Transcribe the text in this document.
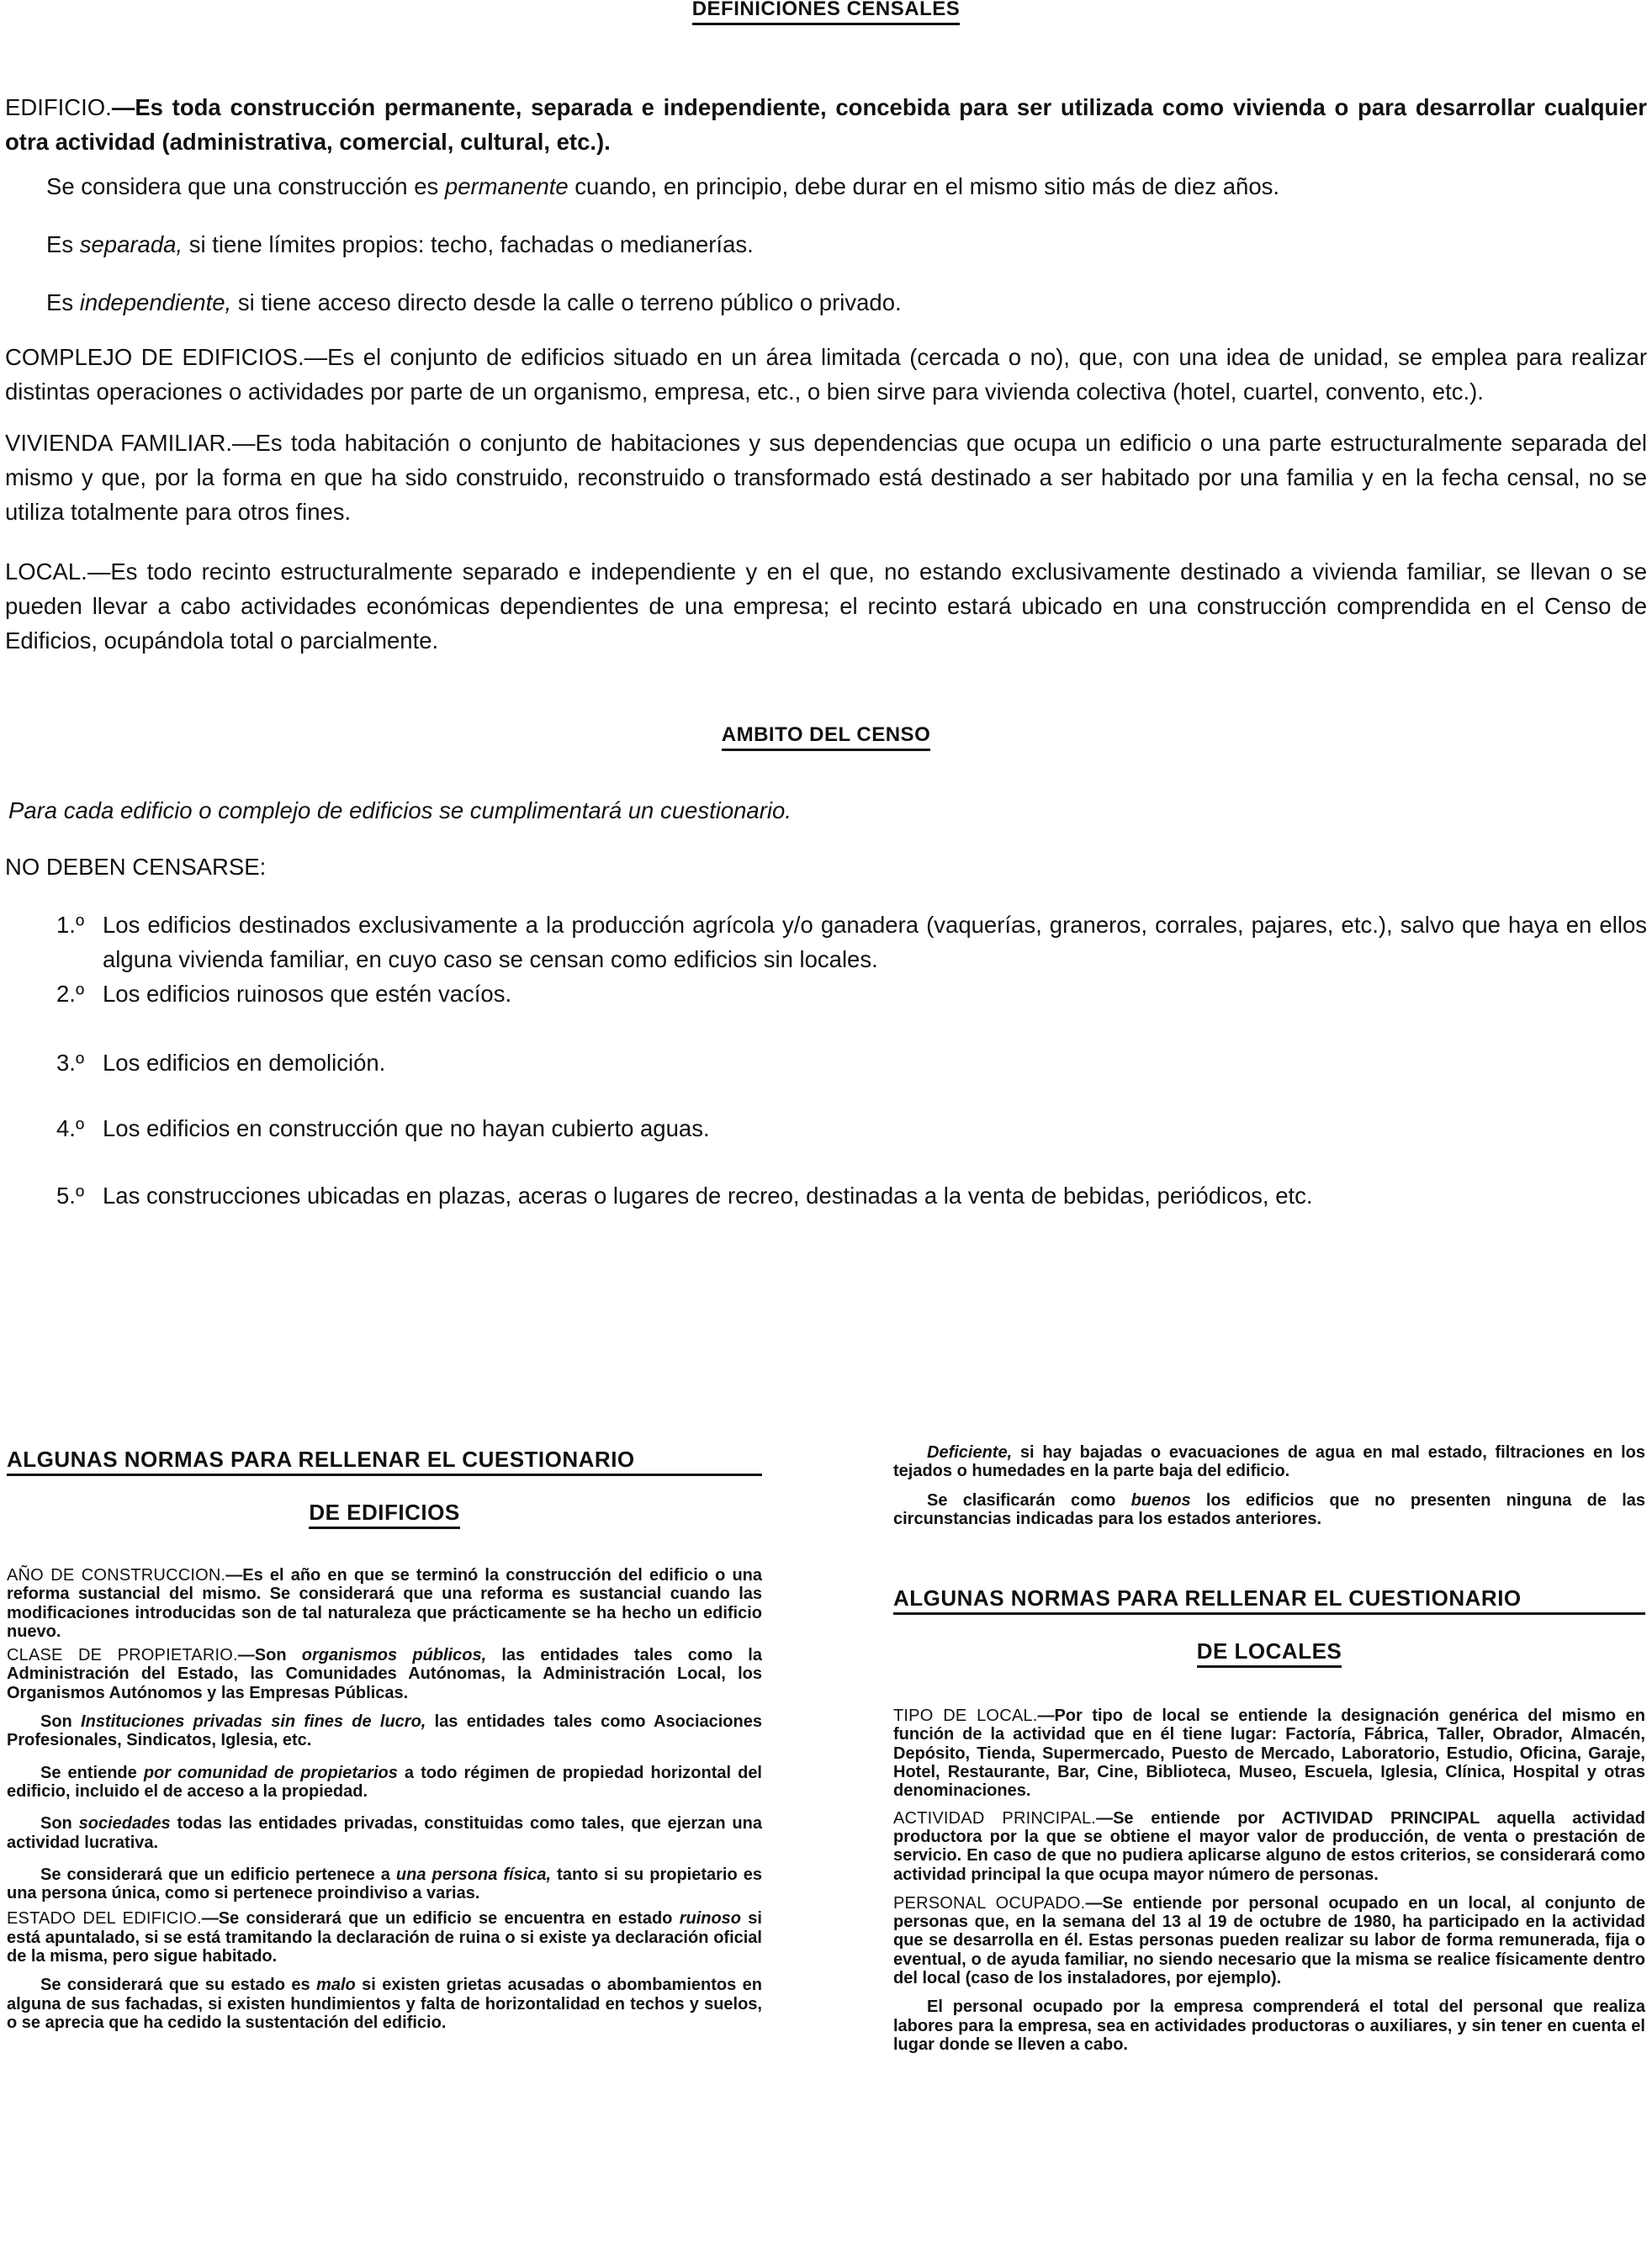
DEFINICIONES CENSALES

EDIFICIO.—Es toda construcción permanente, separada e independiente, concebida para ser utilizada como vivienda o para desarrollar cualquier otra actividad (administrativa, comercial, cultural, etc.).

Se considera que una construcción es permanente cuando, en principio, debe durar en el mismo sitio más de diez años.

Es separada, si tiene límites propios: techo, fachadas o medianerías.

Es independiente, si tiene acceso directo desde la calle o terreno público o privado.

COMPLEJO DE EDIFICIOS.—Es el conjunto de edificios situado en un área limitada (cercada o no), que, con una idea de unidad, se emplea para realizar distintas operaciones o actividades por parte de un organismo, empresa, etc., o bien sirve para vivienda colectiva (hotel, cuartel, convento, etc.).

VIVIENDA FAMILIAR.—Es toda habitación o conjunto de habitaciones y sus dependencias que ocupa un edificio o una parte estructuralmente separada del mismo y que, por la forma en que ha sido construido, reconstruido o transformado está destinado a ser habitado por una familia y en la fecha censal, no se utiliza totalmente para otros fines.

LOCAL.—Es todo recinto estructuralmente separado e independiente y en el que, no estando exclusivamente destinado a vivienda familiar, se llevan o se pueden llevar a cabo actividades económicas dependientes de una empresa; el recinto estará ubicado en una construcción comprendida en el Censo de Edificios, ocupándola total o parcialmente.

AMBITO DEL CENSO

Para cada edificio o complejo de edificios se cumplimentará un cuestionario.

NO DEBEN CENSARSE:

1.º Los edificios destinados exclusivamente a la producción agrícola y/o ganadera (vaquerías, graneros, corrales, pajares, etc.), salvo que haya en ellos alguna vivienda familiar, en cuyo caso se censan como edificios sin locales.
2.º Los edificios ruinosos que estén vacíos.
3.º Los edificios en demolición.
4.º Los edificios en construcción que no hayan cubierto aguas.
5.º Las construcciones ubicadas en plazas, aceras o lugares de recreo, destinadas a la venta de bebidas, periódicos, etc.
ALGUNAS NORMAS PARA RELLENAR EL CUESTIONARIO
DE EDIFICIOS

AÑO DE CONSTRUCCION.—Es el año en que se terminó la construcción del edificio o una reforma sustancial del mismo. Se considerará que una reforma es sustancial cuando las modificaciones introducidas son de tal naturaleza que prácticamente se ha hecho un edificio nuevo.

CLASE DE PROPIETARIO.—Son organismos públicos, las entidades tales como la Administración del Estado, las Comunidades Autónomas, la Administración Local, los Organismos Autónomos y las Empresas Públicas.

Son Instituciones privadas sin fines de lucro, las entidades tales como Asociaciones Profesionales, Sindicatos, Iglesia, etc.

Se entiende por comunidad de propietarios a todo régimen de propiedad horizontal del edificio, incluido el de acceso a la propiedad.

Son sociedades todas las entidades privadas, constituidas como tales, que ejerzan una actividad lucrativa.

Se considerará que un edificio pertenece a una persona física, tanto si su propietario es una persona única, como si pertenece proindiviso a varias.

ESTADO DEL EDIFICIO.—Se considerará que un edificio se encuentra en estado ruinoso si está apuntalado, si se está tramitando la declaración de ruina o si existe ya declaración oficial de la misma, pero sigue habitado.

Se considerará que su estado es malo si existen grietas acusadas o abombamientos en alguna de sus fachadas, si existen hundimientos y falta de horizontalidad en techos y suelos, o se aprecia que ha cedido la sustentación del edificio.

Deficiente, si hay bajadas o evacuaciones de agua en mal estado, filtraciones en los tejados o humedades en la parte baja del edificio.

Se clasificarán como buenos los edificios que no presenten ninguna de las circunstancias indicadas para los estados anteriores.

ALGUNAS NORMAS PARA RELLENAR EL CUESTIONARIO
DE LOCALES

TIPO DE LOCAL.—Por tipo de local se entiende la designación genérica del mismo en función de la actividad que en él tiene lugar: Factoría, Fábrica, Taller, Obrador, Almacén, Depósito, Tienda, Supermercado, Puesto de Mercado, Laboratorio, Estudio, Oficina, Garaje, Hotel, Restaurante, Bar, Cine, Biblioteca, Museo, Escuela, Iglesia, Clínica, Hospital y otras denominaciones.

ACTIVIDAD PRINCIPAL.—Se entiende por ACTIVIDAD PRINCIPAL aquella actividad productora por la que se obtiene el mayor valor de producción, de venta o prestación de servicio. En caso de que no pudiera aplicarse alguno de estos criterios, se considerará como actividad principal la que ocupa mayor número de personas.

PERSONAL OCUPADO.—Se entiende por personal ocupado en un local, al conjunto de personas que, en la semana del 13 al 19 de octubre de 1980, ha participado en la actividad que se desarrolla en él. Estas personas pueden realizar su labor de forma remunerada, fija o eventual, o de ayuda familiar, no siendo necesario que la misma se realice físicamente dentro del local (caso de los instaladores, por ejemplo).

El personal ocupado por la empresa comprenderá el total del personal que realiza labores para la empresa, sea en actividades productoras o auxiliares, y sin tener en cuenta el lugar donde se lleven a cabo.
